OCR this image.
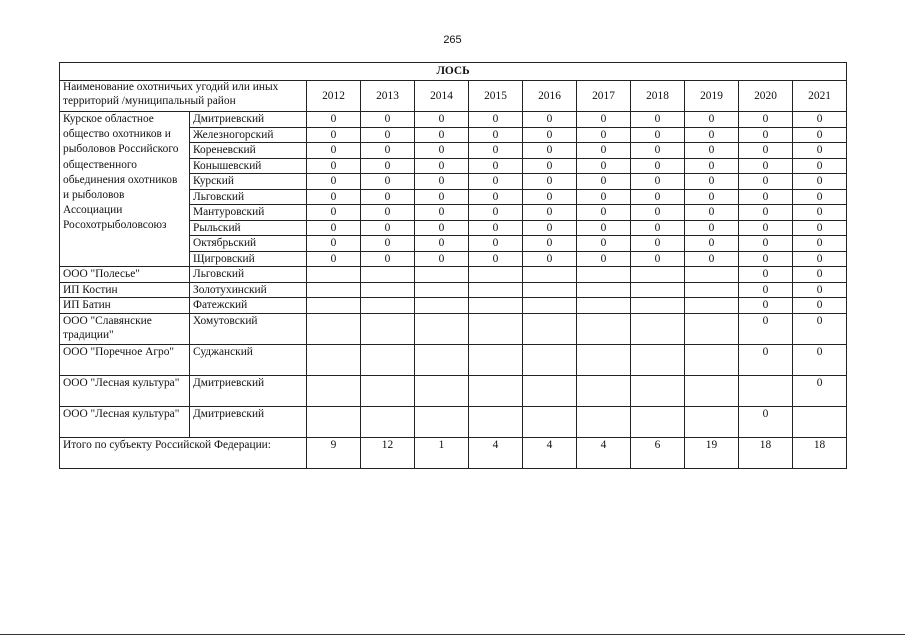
265
ЛОСЬ											
Наименование охотничьих угодий или иных территорий /муниципальный район		2012	2013	2014	2015	2016	2017	2018	2019	2020	2021
Курское областное общество охотников и рыболовов Российского общественного обьединения охотников и рыболовов Ассоциации Росохотрыболовсоюз	Дмитриевский	0	0	0	0	0	0	0	0	0	0
	Железногорский	0	0	0	0	0	0	0	0	0	0
	Кореневский	0	0	0	0	0	0	0	0	0	0
	Конышевский	0	0	0	0	0	0	0	0	0	0
	Курский	0	0	0	0	0	0	0	0	0	0
	Льговский	0	0	0	0	0	0	0	0	0	0
	Мантуровский	0	0	0	0	0	0	0	0	0	0
	Рыльский	0	0	0	0	0	0	0	0	0	0
	Октябрьский	0	0	0	0	0	0	0	0	0	0
	Щигровский	0	0	0	0	0	0	0	0	0	0
ООО "Полесье"	Льговский									0	0
ИП Костин	Золотухинский									0	0
ИП Батин	Фатежский									0	0
ООО "Славянские традиции"	Хомутовский									0	0
ООО "Поречное Агро"	Суджанский									0	0
ООО "Лесная культура"	Дмитриевский										0
ООО "Лесная культура"	Дмитриевский									0	
Итого по субъекту Российской Федерации:		9	12	1	4	4	4	6	19	18	18
